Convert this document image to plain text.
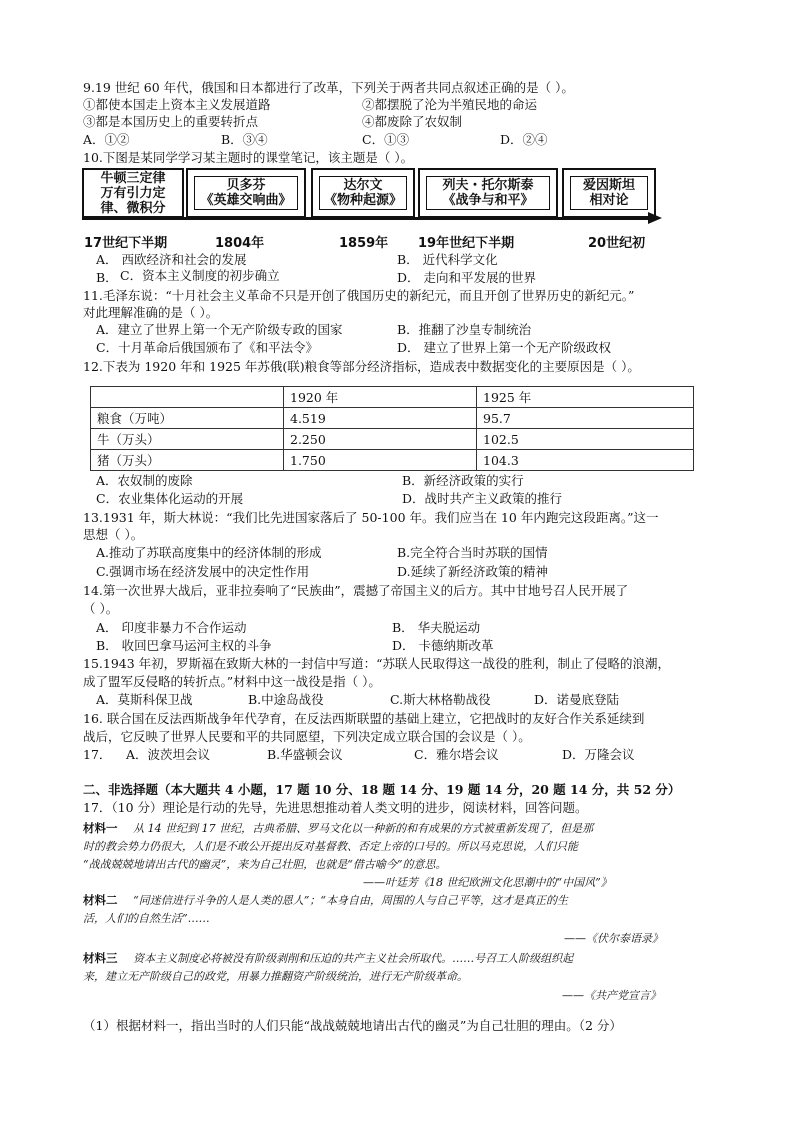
9.19 世纪 60 年代，俄国和日本都进行了改革，下列关于两者共同点叙述正确的是（ ）。
①都使本国走上资本主义发展道路	②都摆脱了沦为半殖民地的命运
③都是本国历史上的重要转折点	④都废除了农奴制
A．①②	B．③④	C．①③	D．②④
10.下图是某同学学习某主题时的课堂笔记，该主题是（ ）。
牛顿三定律
万有引力定
律、微积分
贝多芬
《英雄交响曲》
达尔文
《物种起源》
列夫・托尔斯泰
《战争与和平》
爱因斯坦
相对论
17世纪下半期	1804年	1859年 19年世纪下半期	20世纪初
A． 西欧经济和社会的发展	B． 近代科学文化
B． C．资本主义制度的初步确立	D． 走向和平发展的世界
11.毛泽东说：“十月社会主义革命不只是开创了俄国历史的新纪元，而且开创了世界历史的新纪元。”
对此理解准确的是（ ）。
A．建立了世界上第一个无产阶级专政的国家	B．推翻了沙皇专制统治
C．十月革命后俄国颁布了《和平法令》	D． 建立了世界上第一个无产阶级政权
12.下表为 1920 年和 1925 年苏俄(联)粮食等部分经济指标，造成表中数据变化的主要原因是（ ）。
	1920 年	1925 年
粮食（万吨）	4.519	95.7
牛（万头）	2.250	102.5
猪（万头）	1.750	104.3
A．农奴制的废除	B．新经济政策的实行
C．农业集体化运动的开展	D．战时共产主义政策的推行
13.1931 年，斯大林说：“我们比先进国家落后了 50-100 年。我们应当在 10 年内跑完这段距离。”这一
思想（ ）。
A.推动了苏联高度集中的经济体制的形成	B.完全符合当时苏联的国情
C.强调市场在经济发展中的决定性作用	D.延续了新经济政策的精神
14.第一次世界大战后，亚非拉奏响了“民族曲”，震撼了帝国主义的后方。其中甘地号召人民开展了
（ ）。
A． 印度非暴力不合作运动	B． 华夫脱运动
B． 收回巴拿马运河主权的斗争	D． 卡德纳斯改革
15.1943 年初，罗斯福在致斯大林的一封信中写道：“苏联人民取得这一战役的胜利，制止了侵略的浪潮，
成了盟军反侵略的转折点。”材料中这一战役是指（ ）。
A．莫斯科保卫战	B.中途岛战役	C.斯大林格勒战役	D．诺曼底登陆
16. 联合国在反法西斯战争年代孕育，在反法西斯联盟的基础上建立，它把战时的友好合作关系延续到
战后，它反映了世界人民要和平的共同愿望，下列决定成立联合国的会议是（ ）。
17． A．波茨坦会议	B.华盛顿会议	C．雅尔塔会议	D．万隆会议
二、非选择题（本大题共 4 小题，17 题 10 分、18 题 14 分、19 题 14 分，20 题 14 分，共 52 分）
17．（10 分）理论是行动的先导，先进思想推动着人类文明的进步，阅读材料，回答问题。
材料一 从 14 世纪到 17 世纪，古典希腊、罗马文化以一种新的和有成果的方式被重新发现了，但是那
时的教会势力仍很大，人们是不敢公开提出反对基督教、否定上帝的口号的。所以马克思说，人们只能
“战战兢兢地请出古代的幽灵”，来为自己壮胆，也就是“借古喻今”的意思。
——叶廷芳《18 世纪欧洲文化思潮中的“中国风”》
材料二 “同迷信进行斗争的人是人类的恩人”；“本身自由，周围的人与自己平等，这才是真正的生
活，人们的自然生活”……
——《伏尔泰语录》
材料三 资本主义制度必将被没有阶级剥削和压迫的共产主义社会所取代。……号召工人阶级组织起
来，建立无产阶级自己的政党，用暴力推翻资产阶级统治，进行无产阶级革命。
——《共产党宣言》
（1）根据材料一，指出当时的人们只能“战战兢兢地请出古代的幽灵”为自己壮胆的理由。（2 分）
